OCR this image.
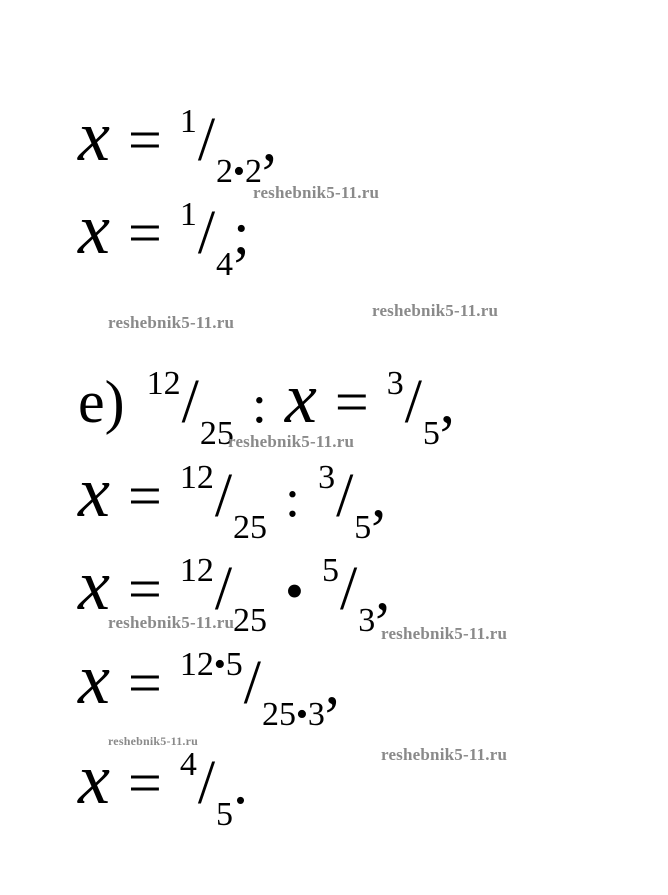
x = 1/2•2,
x = 1/4;
е) 12/25 : x = 3/5,
x = 12/25 : 3/5,
x = 12/25 • 5/3,
x = 12•5/25•3,
x = 4/5.
reshebnik5-11.ru
reshebnik5-11.ru
reshebnik5-11.ru
reshebnik5-11.ru
reshebnik5-11.ru
reshebnik5-11.ru
reshebnik5-11.ru
reshebnik5-11.ru
